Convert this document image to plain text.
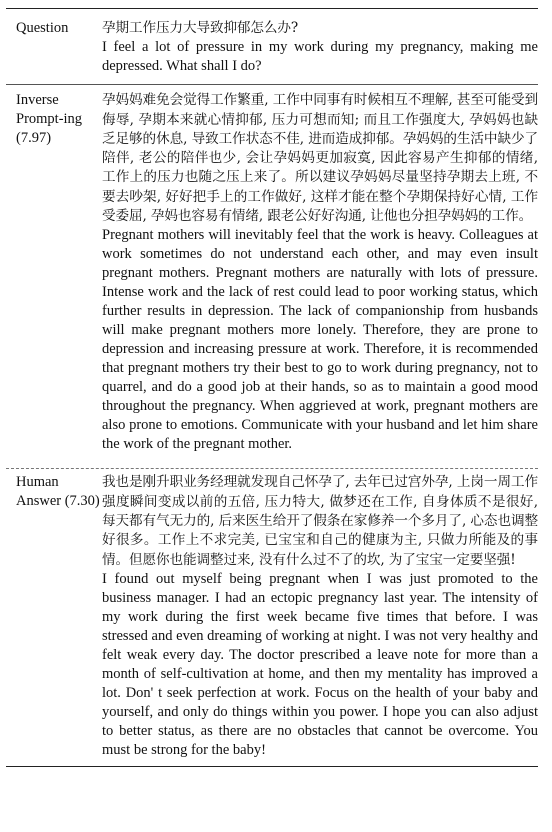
Question	孕期工作压力大导致抑郁怎么办?

I feel a lot of pressure in my work during my pregnancy, making me depressed. What shall I do?

Inverse Prompt-ing (7.97)

孕妈妈难免会觉得工作繁重, 工作中同事有时候相互不理解, 甚至可能受到侮辱, 孕期本来就心情抑郁, 压力可想而知; 而且工作强度大, 孕妈妈也缺乏足够的休息, 导致工作状态不佳, 进而造成抑郁。孕妈妈的生活中缺少了陪伴, 老公的陪伴也少, 会让孕妈妈更加寂寞, 因此容易产生抑郁的情绪, 工作上的压力也随之压上来了。所以建议孕妈妈尽量坚持孕期去上班, 不要去吵架, 好好把手上的工作做好, 这样才能在整个孕期保持好心情, 工作受委屈, 孕妈也容易有情绪, 跟老公好好沟通, 让他也分担孕妈妈的工作。

Pregnant mothers will inevitably feel that the work is heavy. Colleagues at work sometimes do not understand each other, and may even insult pregnant mothers. Pregnant mothers are naturally with lots of pressure. Intense work and the lack of rest could lead to poor working status, which further results in depression. The lack of companionship from husbands will make pregnant mothers more lonely. Therefore, they are prone to depression and increasing pressure at work. Therefore, it is recommended that pregnant mothers try their best to go to work during pregnancy, not to quarrel, and do a good job at their hands, so as to maintain a good mood throughout the pregnancy. When aggrieved at work, pregnant mothers are also prone to emotions. Communicate with your husband and let him share the work of the pregnant mother.

Human Answer (7.30)

我也是刚升职业务经理就发现自己怀孕了, 去年已过宫外孕, 上岗一周工作强度瞬间变成以前的五倍, 压力特大, 做梦还在工作, 自身体质不是很好, 每天都有气无力的, 后来医生给开了假条在家修养一个多月了, 心态也调整好很多。工作上不求完美, 已宝宝和自己的健康为主, 只做力所能及的事情。但愿你也能调整过来, 没有什么过不了的坎, 为了宝宝一定要坚强!

I found out myself being pregnant when I was just promoted to the business manager. I had an ectopic pregnancy last year. The intensity of my work during the first week became five times that before. I was stressed and even dreaming of working at night. I was not very healthy and felt weak every day. The doctor prescribed a leave note for more than a month of self-cultivation at home, and then my mentality has improved a lot. Don' t seek perfection at work. Focus on the health of your baby and yourself, and only do things within you power. I hope you can also adjust to better status, as there are no obstacles that cannot be overcome. You must be strong for the baby!
